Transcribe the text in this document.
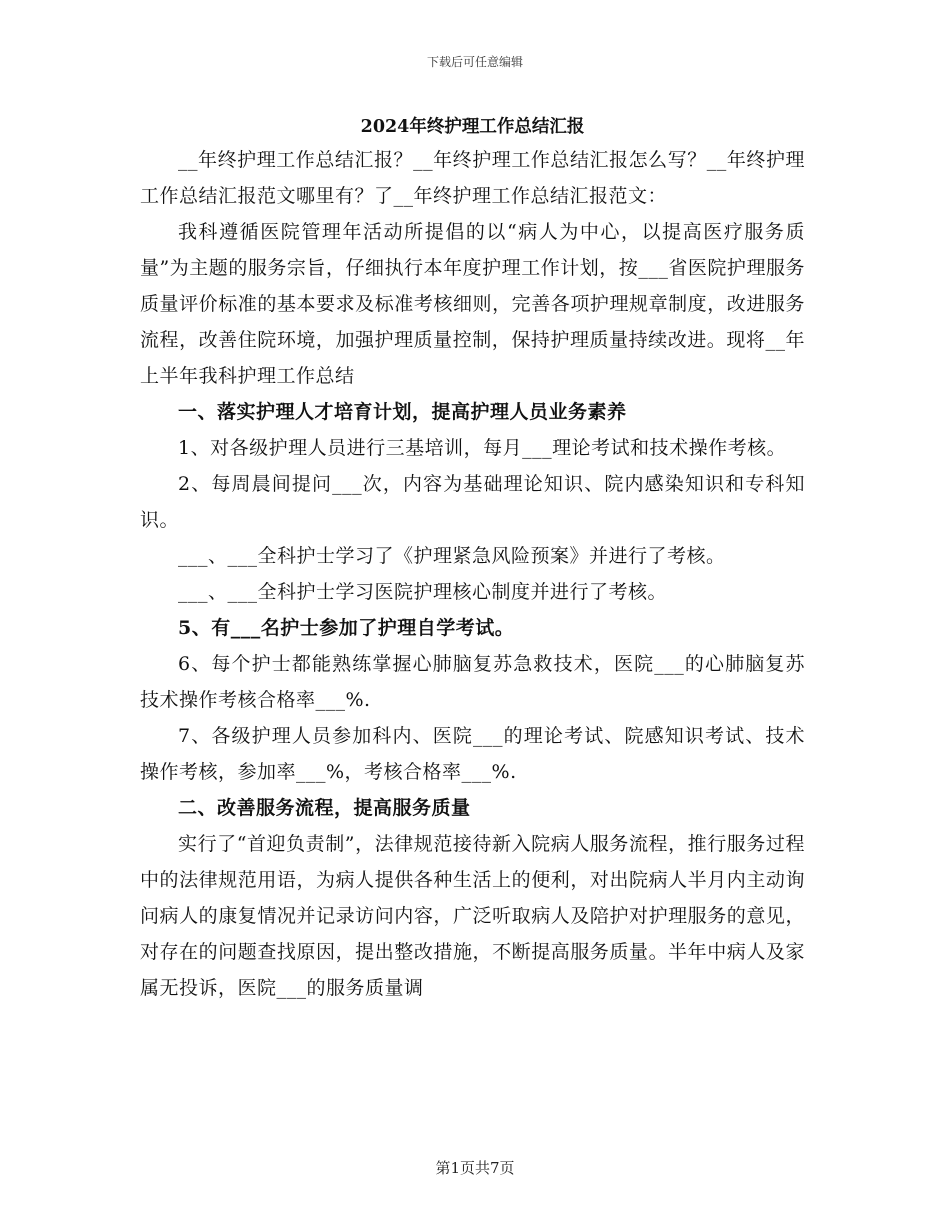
下载后可任意编辑

2024年终护理工作总结汇报

__年终护理工作总结汇报？__年终护理工作总结汇报怎么写？__年终护理工作总结汇报范文哪里有？了__年终护理工作总结汇报范文：

我科遵循医院管理年活动所提倡的以“病人为中心，以提高医疗服务质量”为主题的服务宗旨，仔细执行本年度护理工作计划，按___省医院护理服务质量评价标准的基本要求及标准考核细则，完善各项护理规章制度，改进服务流程，改善住院环境，加强护理质量控制，保持护理质量持续改进。现将__年上半年我科护理工作总结

一、落实护理人才培育计划，提高护理人员业务素养

1、对各级护理人员进行三基培训，每月___理论考试和技术操作考核。

2、每周晨间提问___次，内容为基础理论知识、院内感染知识和专科知识。

___、___全科护士学习了《护理紧急风险预案》并进行了考核。

___、___全科护士学习医院护理核心制度并进行了考核。

5、有___名护士参加了护理自学考试。

6、每个护士都能熟练掌握心肺脑复苏急救技术，医院___的心肺脑复苏技术操作考核合格率___%.

7、各级护理人员参加科内、医院___的理论考试、院感知识考试、技术操作考核，参加率___%，考核合格率___%.

二、改善服务流程，提高服务质量

实行了“首迎负责制”，法律规范接待新入院病人服务流程，推行服务过程中的法律规范用语，为病人提供各种生活上的便利，对出院病人半月内主动询问病人的康复情况并记录访问内容，广泛听取病人及陪护对护理服务的意见，对存在的问题查找原因，提出整改措施，不断提高服务质量。半年中病人及家属无投诉，医院___的服务质量调

第1页共7页
